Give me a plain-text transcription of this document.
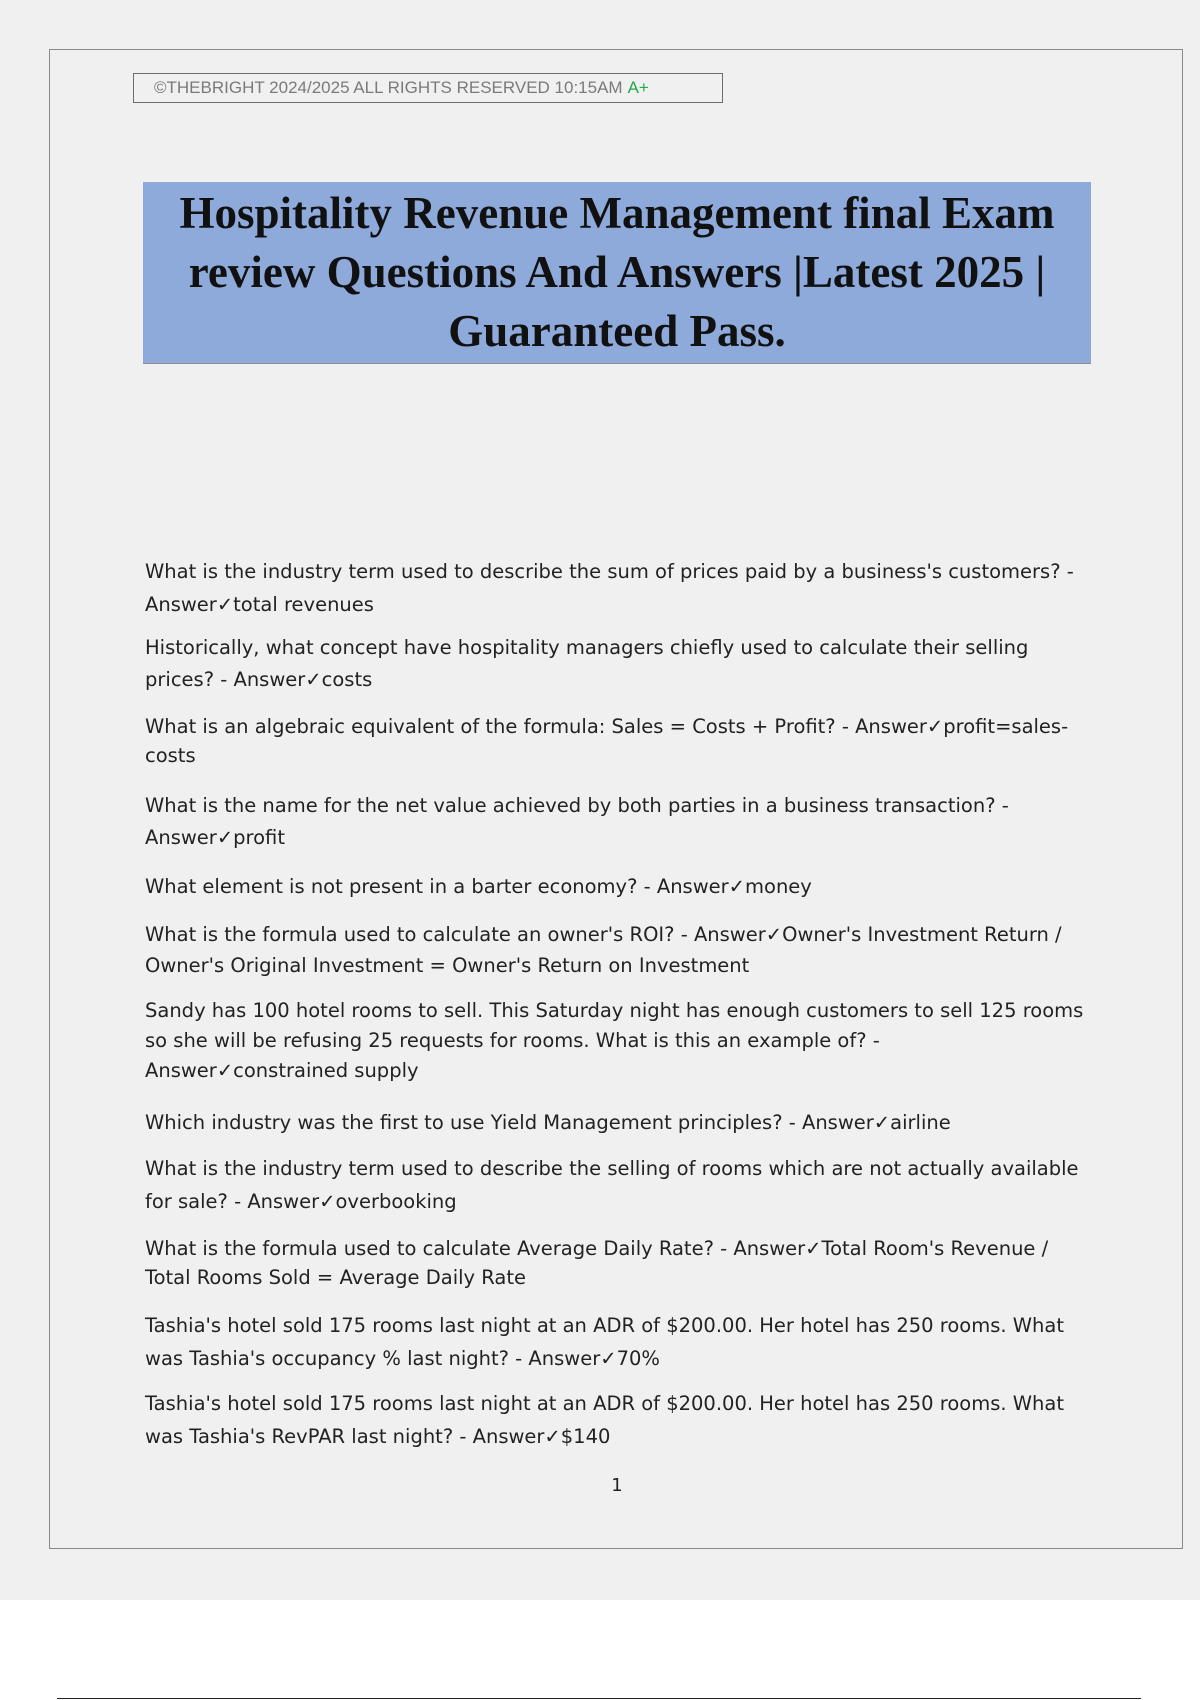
©THEBRIGHT 2024/2025 ALL RIGHTS RESERVED 10:15AM A+
Hospitality Revenue Management final Exam
review Questions And Answers |Latest 2025 |
Guaranteed Pass.
What is the industry term used to describe the sum of prices paid by a business's customers? -
Answer✓total revenues
Historically, what concept have hospitality managers chiefly used to calculate their selling
prices? - Answer✓costs
What is an algebraic equivalent of the formula: Sales = Costs + Profit? - Answer✓profit=sales-
costs
What is the name for the net value achieved by both parties in a business transaction? -
Answer✓profit
What element is not present in a barter economy? - Answer✓money
What is the formula used to calculate an owner's ROI? - Answer✓Owner's Investment Return /
Owner's Original Investment = Owner's Return on Investment
Sandy has 100 hotel rooms to sell. This Saturday night has enough customers to sell 125 rooms
so she will be refusing 25 requests for rooms. What is this an example of? -
Answer✓constrained supply
Which industry was the first to use Yield Management principles? - Answer✓airline
What is the industry term used to describe the selling of rooms which are not actually available
for sale? - Answer✓overbooking
What is the formula used to calculate Average Daily Rate? - Answer✓Total Room's Revenue /
Total Rooms Sold = Average Daily Rate
Tashia's hotel sold 175 rooms last night at an ADR of $200.00. Her hotel has 250 rooms. What
was Tashia's occupancy % last night? - Answer✓70%
Tashia's hotel sold 175 rooms last night at an ADR of $200.00. Her hotel has 250 rooms. What
was Tashia's RevPAR last night? - Answer✓$140
1
